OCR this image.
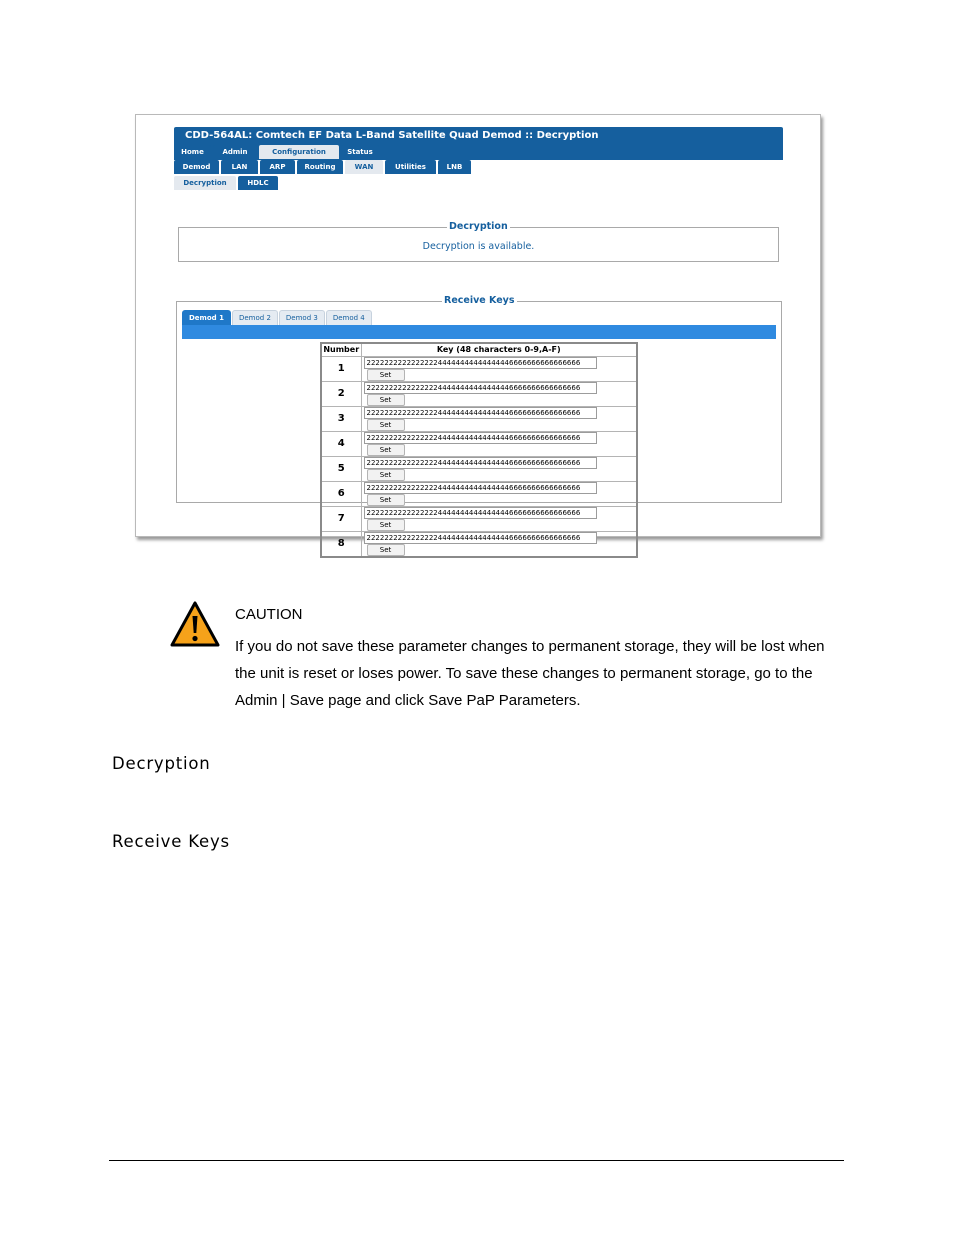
CDD-564AL: Comtech EF Data L-Band Satellite Quad Demod :: Decryption
Home	Admin	Configuration	Status
Demod	LAN	ARP	Routing	WAN	Utilities	LNB
Decryption	HDLC
Decryption
Decryption is available.
Receive Keys
Demod 1	Demod 2	Demod 3	Demod 4
Number	Key (48 characters 0-9,A-F)
1	222222222222222244444444444444446666666666666666Set
2	222222222222222244444444444444446666666666666666Set
3	222222222222222244444444444444446666666666666666Set
4	222222222222222244444444444444446666666666666666Set
5	222222222222222244444444444444446666666666666666Set
6	222222222222222244444444444444446666666666666666Set
7	222222222222222244444444444444446666666666666666Set
8	222222222222222244444444444444446666666666666666Set
CAUTION
If you do not save these parameter changes to permanent storage, they will be lost when the unit is reset or loses power. To save these changes to permanent storage, go to the Admin | Save page and click Save PaP Parameters.
Decryption
Receive Keys
